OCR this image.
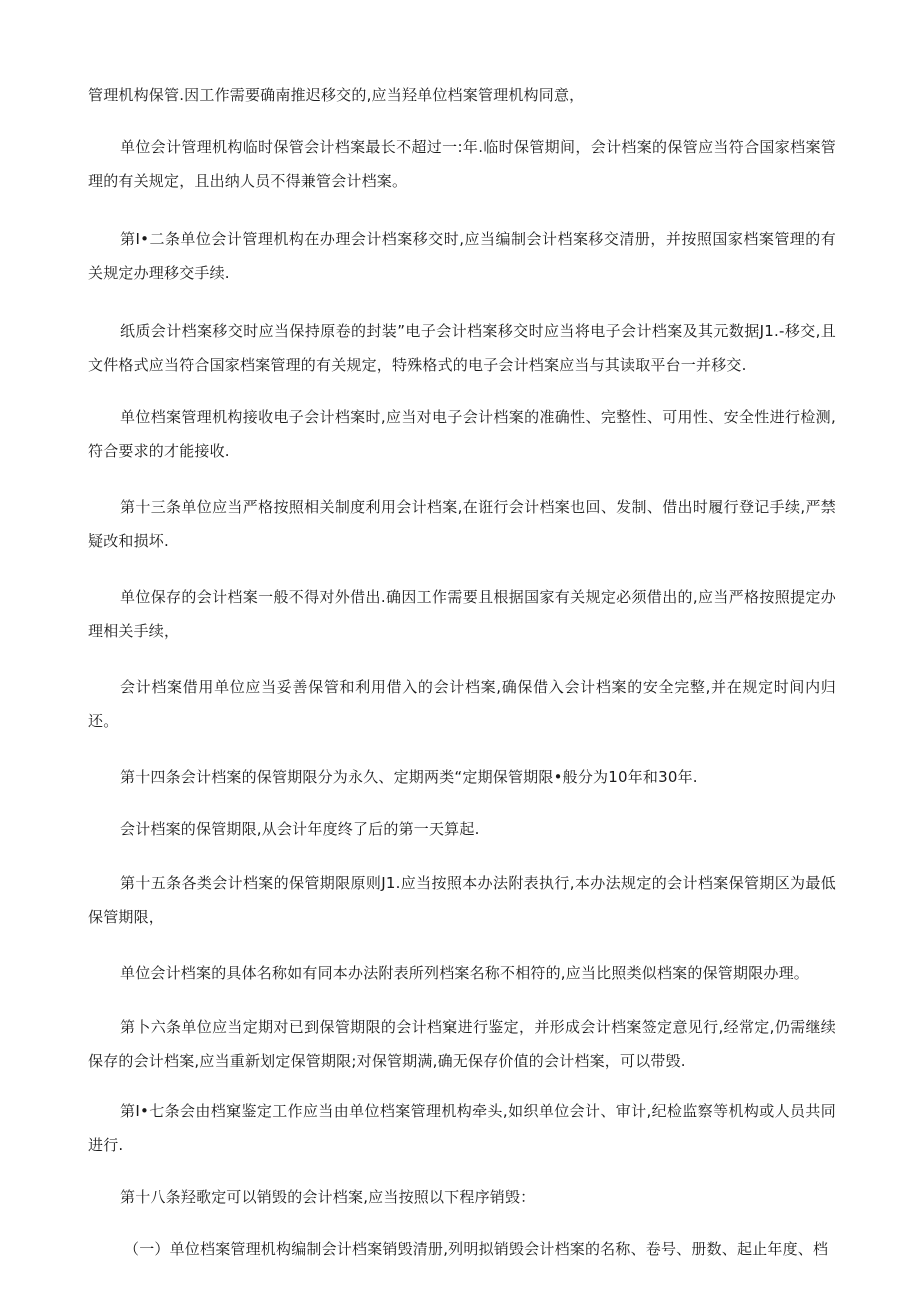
管理机构保管.因工作需要确南推迟移交的,应当羟单位档案管理机构同意，

单位会计管理机构临时保管会计档案最长不超过一:年.临时保管期间，会计档案的保管应当符合国家档案管理的有关规定，且出纳人员不得兼管会计档案。

第I•二条单位会计管理机构在办理会计档案移交时,应当编制会计档案移交清册，并按照国家档案管理的有关规定办理移交手续.

纸质会计档案移交时应当保持原卷的封装”电子会计档案移交时应当将电子会计档案及其元数据J1.-移交,且文件格式应当符合国家档案管理的有关规定，特殊格式的电子会计档案应当与其读取平台一并移交.

单位档案管理机构接收电子会计档案时,应当对电子会计档案的准确性、完整性、可用性、安全性进行检测,符合要求的才能接收.

第十三条单位应当严格按照相关制度利用会计档案,在诳行会计档案也回、发制、借出时履行登记手续,严禁疑改和损坏.

单位保存的会计档案一般不得对外借出.确因工作需要且根据国家有关规定必须借出的,应当严格按照提定办理相关手续，

会计档案借用单位应当妥善保管和利用借入的会计档案,确保借入会计档案的安全完整,并在规定时间内归还。

第十四条会计档案的保管期限分为永久、定期两类“定期保管期限•般分为10年和30年.

会计档案的保管期限,从会计年度终了后的第一天算起.

第十五条各类会计档案的保管期限原则J1.应当按照本办法附表执行,本办法规定的会计档案保管期区为最低保管期限，

单位会计档案的具体名称如有同本办法附表所列档案名称不相符的,应当比照类似档案的保管期限办理。

第卜六条单位应当定期对已到保管期限的会计档窠进行鉴定，并形成会计档案签定意见行,经常定,仍需继续保存的会计档案,应当重新划定保管期限;对保管期满,确无保存价值的会计档案，可以带毁.

第I•七条会由档窠鉴定工作应当由单位档案管理机构牵头,如织单位会计、审计,纪检监察等机构或人员共同进行.

第十八条羟歌定可以销毁的会计档案,应当按照以下程序销毁：

（一）单位档案管理机构编制会计档案销毁清册,列明拟销毁会计档案的名称、卷号、册数、起止年度、档
